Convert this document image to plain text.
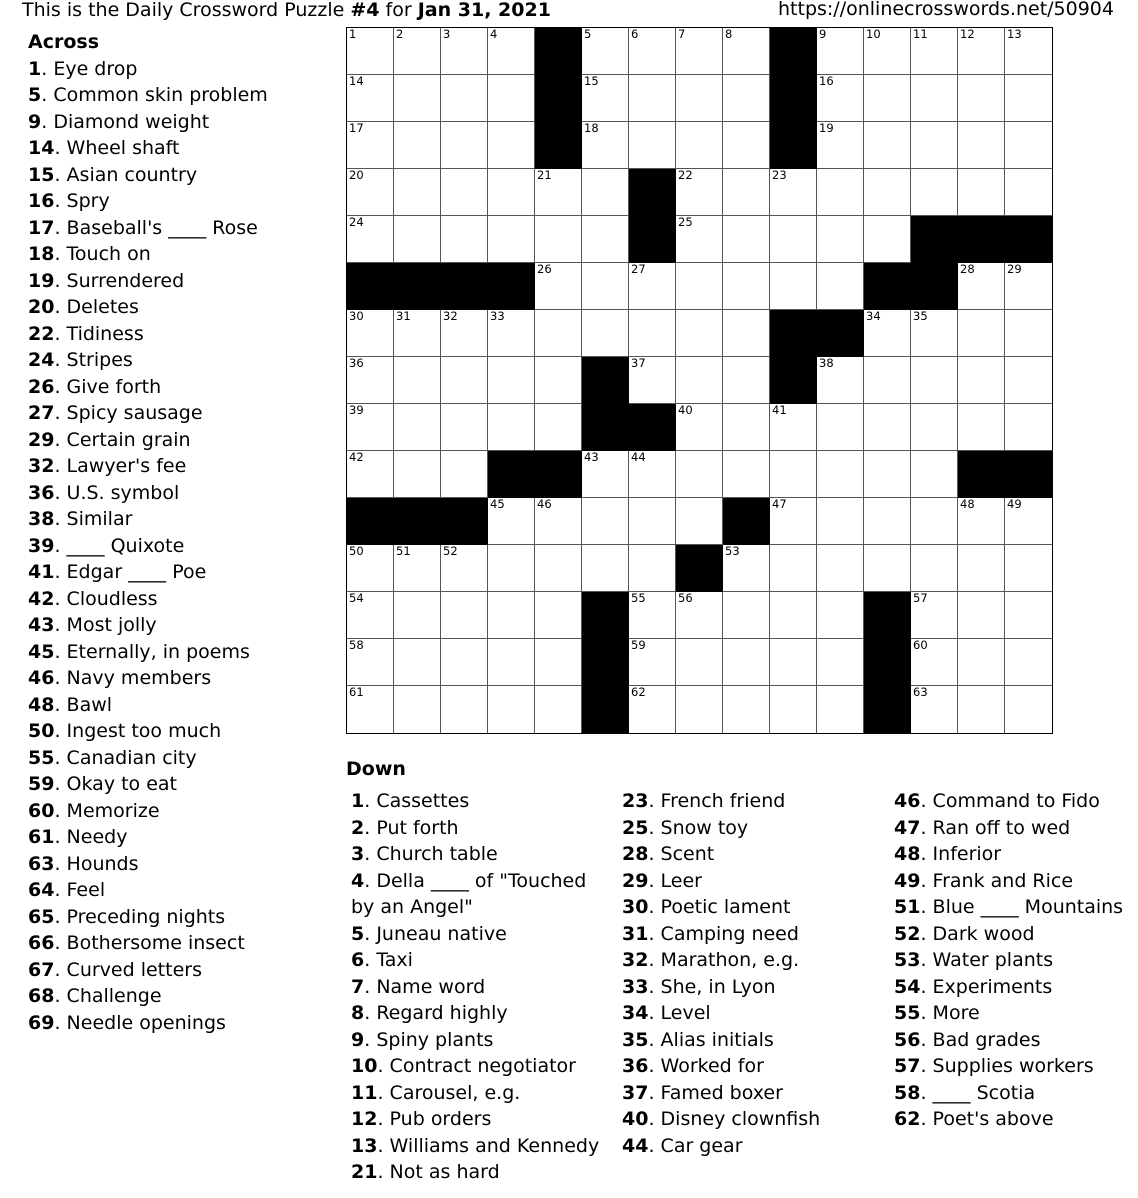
This is the Daily Crossword Puzzle #4 for Jan 31, 2021	https://onlinecrosswords.net/50904
Across
1. Eye drop
5. Common skin problem
9. Diamond weight
14. Wheel shaft
15. Asian country
16. Spry
17. Baseball's ____ Rose
18. Touch on
19. Surrendered
20. Deletes
22. Tidiness
24. Stripes
26. Give forth
27. Spicy sausage
29. Certain grain
32. Lawyer's fee
36. U.S. symbol
38. Similar
39. ____ Quixote
41. Edgar ____ Poe
42. Cloudless
43. Most jolly
45. Eternally, in poems
46. Navy members
48. Bawl
50. Ingest too much
55. Canadian city
59. Okay to eat
60. Memorize
61. Needy
63. Hounds
64. Feel
65. Preceding nights
66. Bothersome insect
67. Curved letters
68. Challenge
69. Needle openings
1	2	3	4	5	6	7	8	9	10	11	12	13
14	15	16
17	18	19
20	21	22	23
24	25
26	27	28	29
30	31	32	33	34	35
36	37	38
39	40	41
42	43	44
45	46	47	48	49
50	51	52	53
54	55	56	57
58	59	60
61	62	63
Down
1. Cassettes
2. Put forth
3. Church table
4. Della ____ of "Touched
by an Angel"
5. Juneau native
6. Taxi
7. Name word
8. Regard highly
9. Spiny plants
10. Contract negotiator
11. Carousel, e.g.
12. Pub orders
13. Williams and Kennedy
21. Not as hard
23. French friend
25. Snow toy
28. Scent
29. Leer
30. Poetic lament
31. Camping need
32. Marathon, e.g.
33. She, in Lyon
34. Level
35. Alias initials
36. Worked for
37. Famed boxer
40. Disney clownfish
44. Car gear
46. Command to Fido
47. Ran off to wed
48. Inferior
49. Frank and Rice
51. Blue ____ Mountains
52. Dark wood
53. Water plants
54. Experiments
55. More
56. Bad grades
57. Supplies workers
58. ____ Scotia
62. Poet's above
